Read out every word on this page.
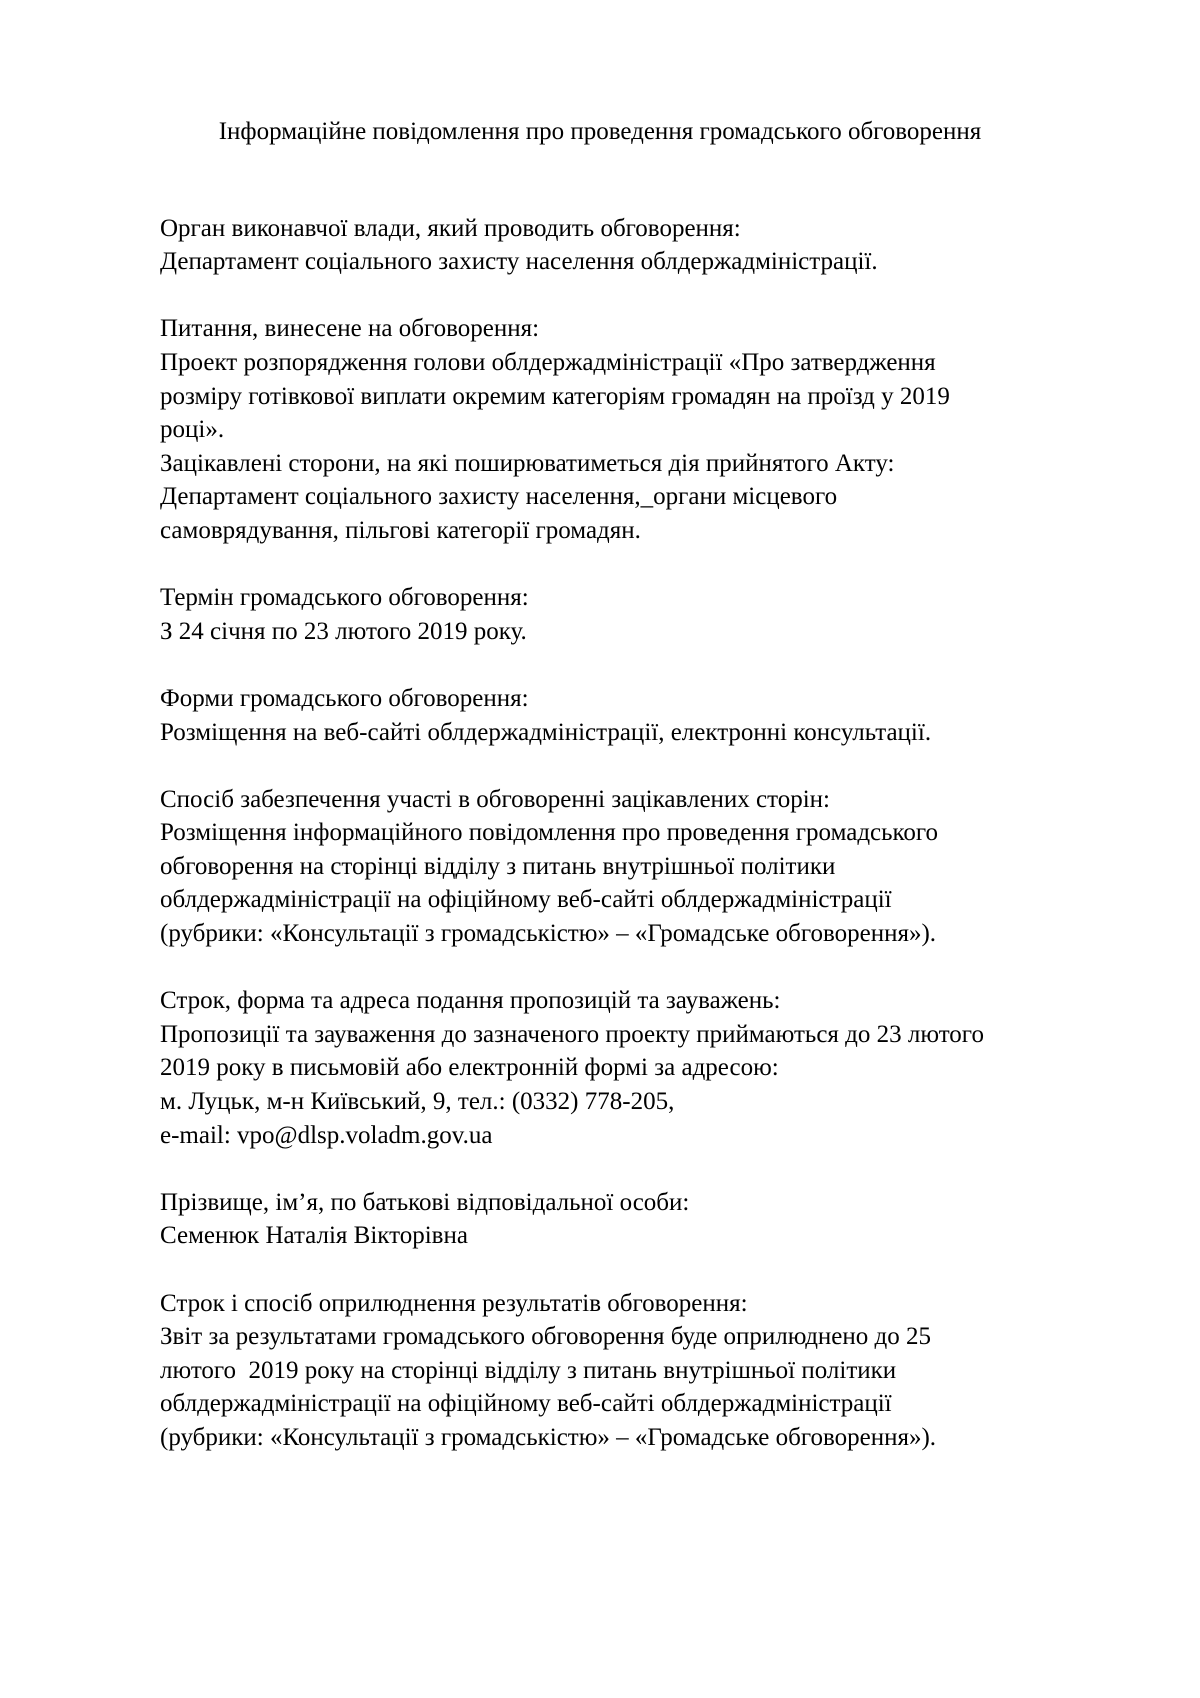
Інформаційне повідомлення про проведення громадського обговорення
Орган виконавчої влади, який проводить обговорення:
Департамент соціального захисту населення облдержадміністрації.
Питання, винесене на обговорення:
Проект розпорядження голови облдержадміністрації «Про затвердження
розміру готівкової виплати окремим категоріям громадян на проїзд у 2019
році».
Зацікавлені сторони, на які поширюватиметься дія прийнятого Акту:
Департамент соціального захисту населення,_органи місцевого
самоврядування, пільгові категорії громадян.
Термін громадського обговорення:
З 24 січня по 23 лютого 2019 року.
Форми громадського обговорення:
Розміщення на веб-сайті облдержадміністрації, електронні консультації.
Спосіб забезпечення участі в обговоренні зацікавлених сторін:
Розміщення інформаційного повідомлення про проведення громадського
обговорення на сторінці відділу з питань внутрішньої політики
облдержадміністрації на офіційному веб-сайті облдержадміністрації
(рубрики: «Консультації з громадськістю» – «Громадське обговорення»).
Строк, форма та адреса подання пропозицій та зауважень:
Пропозиції та зауваження до зазначеного проекту приймаються до 23 лютого
2019 року в письмовій або електронній формі за адресою:
м. Луцьк, м-н Київський, 9, тел.: (0332) 778-205,
e-mail: vpo@dlsp.voladm.gov.ua
Прізвище, ім’я, по батькові відповідальної особи:
Семенюк Наталія Вікторівна
Строк і спосіб оприлюднення результатів обговорення:
Звіт за результатами громадського обговорення буде оприлюднено до 25
лютого  2019 року на сторінці відділу з питань внутрішньої політики
облдержадміністрації на офіційному веб-сайті облдержадміністрації
(рубрики: «Консультації з громадськістю» – «Громадське обговорення»).
